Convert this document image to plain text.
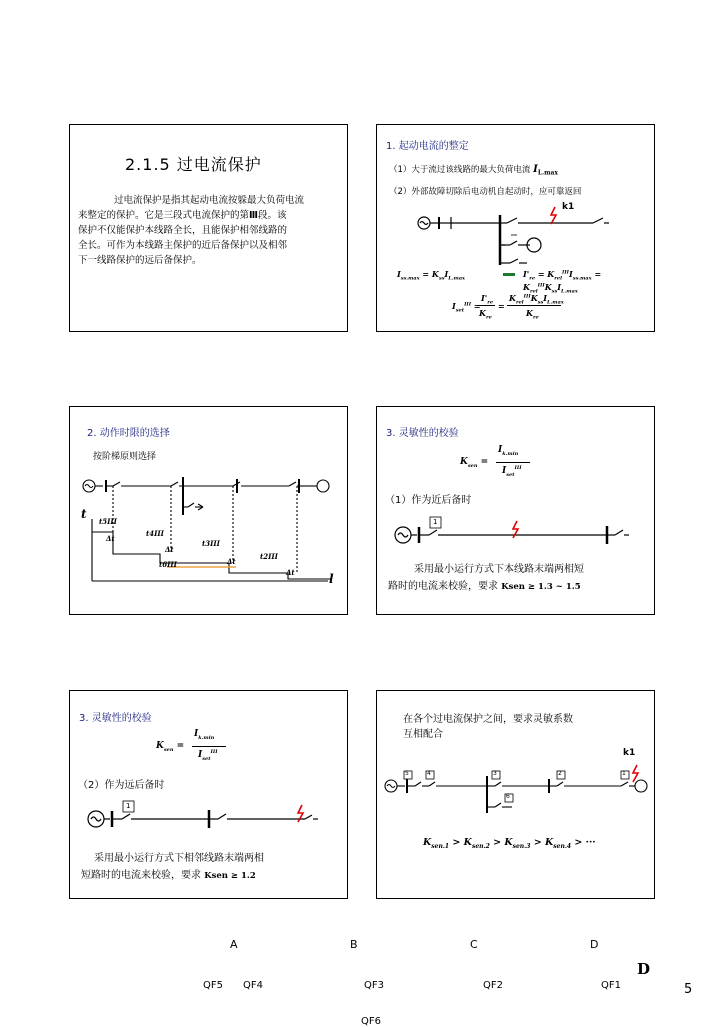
2.1.5 过电流保护
过电流保护是指其起动电流按躲最大负荷电流
来整定的保护。它是三段式电流保护的第Ⅲ段。该
保护不仅能保护本线路全长，且能保护相邻线路的
全长。可作为本线路主保护的近后备保护以及相邻
下一线路保护的远后备保护。
1. 起动电流的整定
（1）大于流过该线路的最大负荷电流 $I_{L.max}$
（2）外部故障切除后电动机自起动时，应可靠返回
k1
$I_{ss.max} = K_{ss}I_{L.max}$	$I'_{re} = K_{rel}^{III}I_{ss.max} = K_{rel}^{III}K_{ss}I_{L.max}$
$I_{set}^{III}$ =
$I'_{re}$
$K_{re}$
=
$K_{rel}^{III}K_{ss}I_{L.max}$
$K_{re}$
2. 动作时限的选择
按阶梯原则选择
t
l
t5III
t4III
t3III
t2III
t6III
Δt
Δt
Δt
Δt
3. 灵敏性的校验
$K_{sen}$ =
$I_{k.min}$
$I_{set}^{III}$
（1）作为近后备时
1
采用最小运行方式下本线路末端两相短
路时的电流来校验，要求 Ksen ≥ 1.3 ~ 1.5
3. 灵敏性的校验
$K_{sen}$ =
$I_{k.min}$
$I_{set}^{III}$
（2）作为远后备时
1
采用最小运行方式下相邻线路末端两相
短路时的电流来校验，要求 Ksen ≥ 1.2
在各个过电流保护之间，要求灵敏系数
互相配合
k1
5	4	3	2	1
6
$K_{sen.1} > K_{sen.2} > K_{sen.3} > K_{sen.4}$ > ···
A	B	C	D
D
QF5 QF4	QF3	QF2	QF1
QF6
5
